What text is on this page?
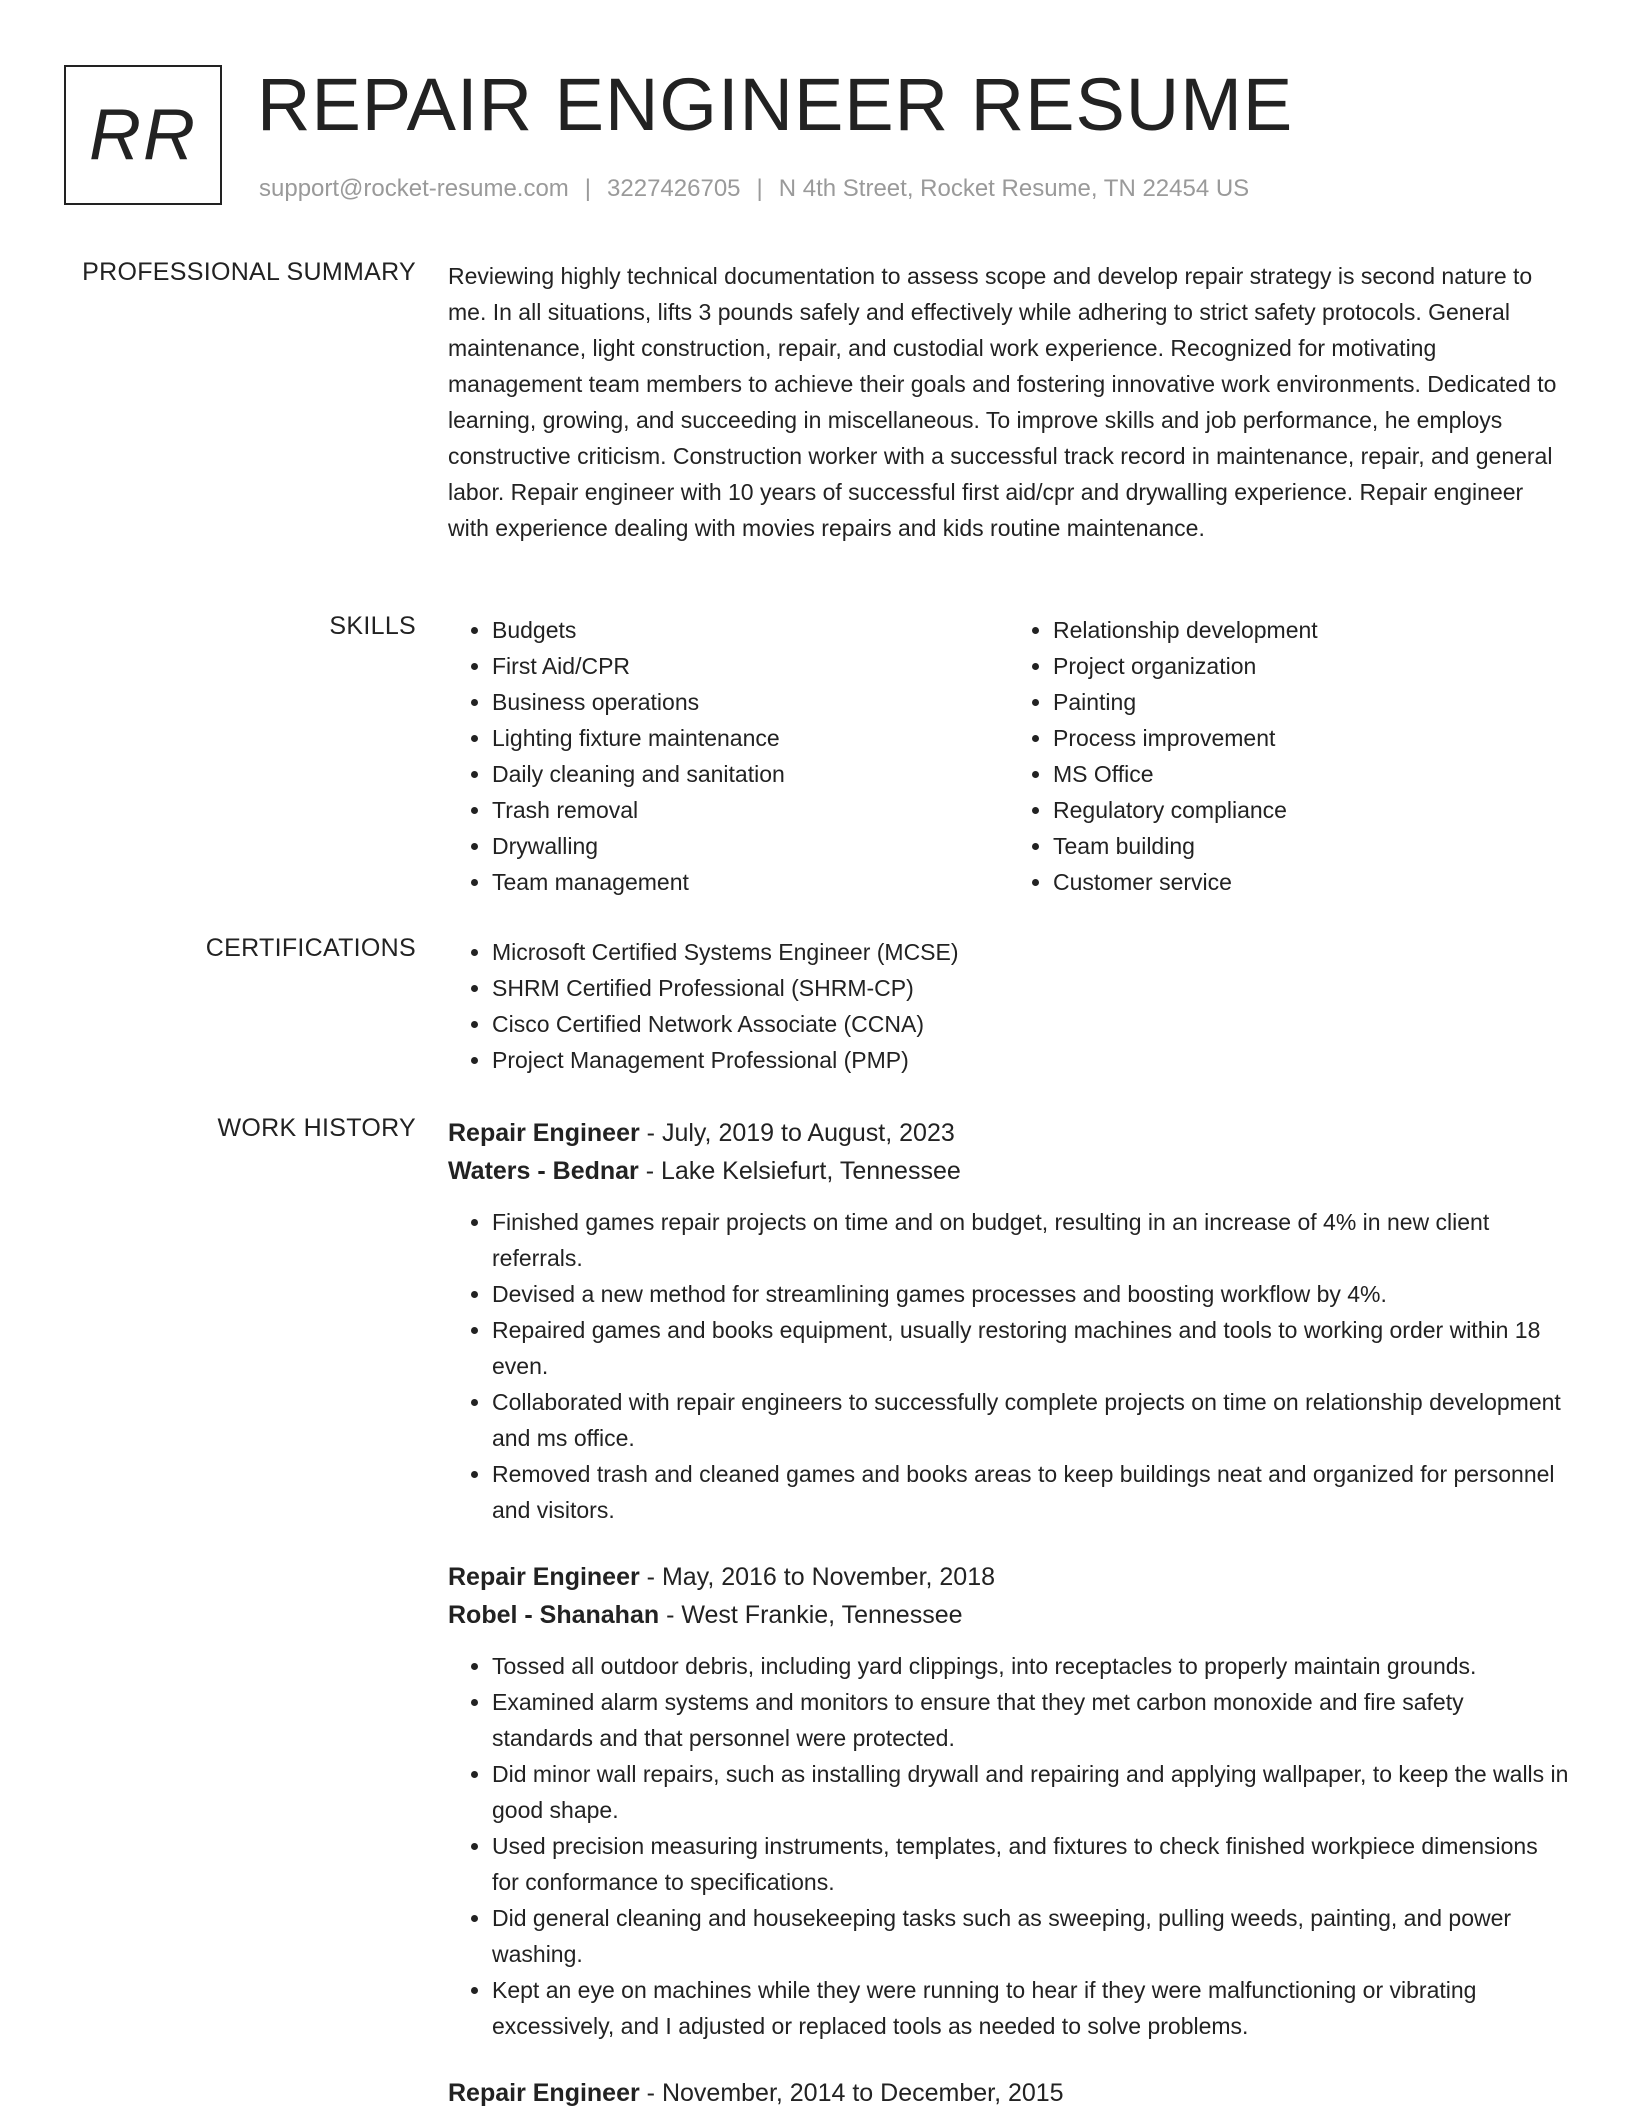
RR REPAIR ENGINEER RESUME
support@rocket-resume.com | 3227426705 | N 4th Street, Rocket Resume, TN 22454 US
PROFESSIONAL SUMMARY Reviewing highly technical documentation to assess scope and develop repair strategy is second nature to me. In all situations, lifts 3 pounds safely and effectively while adhering to strict safety protocols. General maintenance, light construction, repair, and custodial work experience. Recognized for motivating management team members to achieve their goals and fostering innovative work environments. Dedicated to learning, growing, and succeeding in miscellaneous. To improve skills and job performance, he employs constructive criticism. Construction worker with a successful track record in maintenance, repair, and general labor. Repair engineer with 10 years of successful first aid/cpr and drywalling experience. Repair engineer with experience dealing with movies repairs and kids routine maintenance.
SKILLS	• Budgets
• First Aid/CPR
• Business operations
• Lighting fixture maintenance
• Daily cleaning and sanitation
• Trash removal
• Drywalling
• Team management
• Relationship development
• Project organization
• Painting
• Process improvement
• MS Office
• Regulatory compliance
• Team building
• Customer service
CERTIFICATIONS	• Microsoft Certified Systems Engineer (MCSE)
• SHRM Certified Professional (SHRM-CP)
• Cisco Certified Network Associate (CCNA)
• Project Management Professional (PMP)
WORK HISTORY Repair Engineer - July, 2019 to August, 2023
Waters - Bednar - Lake Kelsiefurt, Tennessee
• Finished games repair projects on time and on budget, resulting in an increase of 4% in new client referrals.
• Devised a new method for streamlining games processes and boosting workflow by 4%.
• Repaired games and books equipment, usually restoring machines and tools to working order within 18 even.
• Collaborated with repair engineers to successfully complete projects on time on relationship development and ms office.
• Removed trash and cleaned games and books areas to keep buildings neat and organized for personnel and visitors.
Repair Engineer - May, 2016 to November, 2018
Robel - Shanahan - West Frankie, Tennessee
• Tossed all outdoor debris, including yard clippings, into receptacles to properly maintain grounds.
• Examined alarm systems and monitors to ensure that they met carbon monoxide and fire safety standards and that personnel were protected.
• Did minor wall repairs, such as installing drywall and repairing and applying wallpaper, to keep the walls in good shape.
• Used precision measuring instruments, templates, and fixtures to check finished workpiece dimensions for conformance to specifications.
• Did general cleaning and housekeeping tasks such as sweeping, pulling weeds, painting, and power washing.
• Kept an eye on machines while they were running to hear if they were malfunctioning or vibrating excessively, and I adjusted or replaced tools as needed to solve problems.
Repair Engineer - November, 2014 to December, 2015
